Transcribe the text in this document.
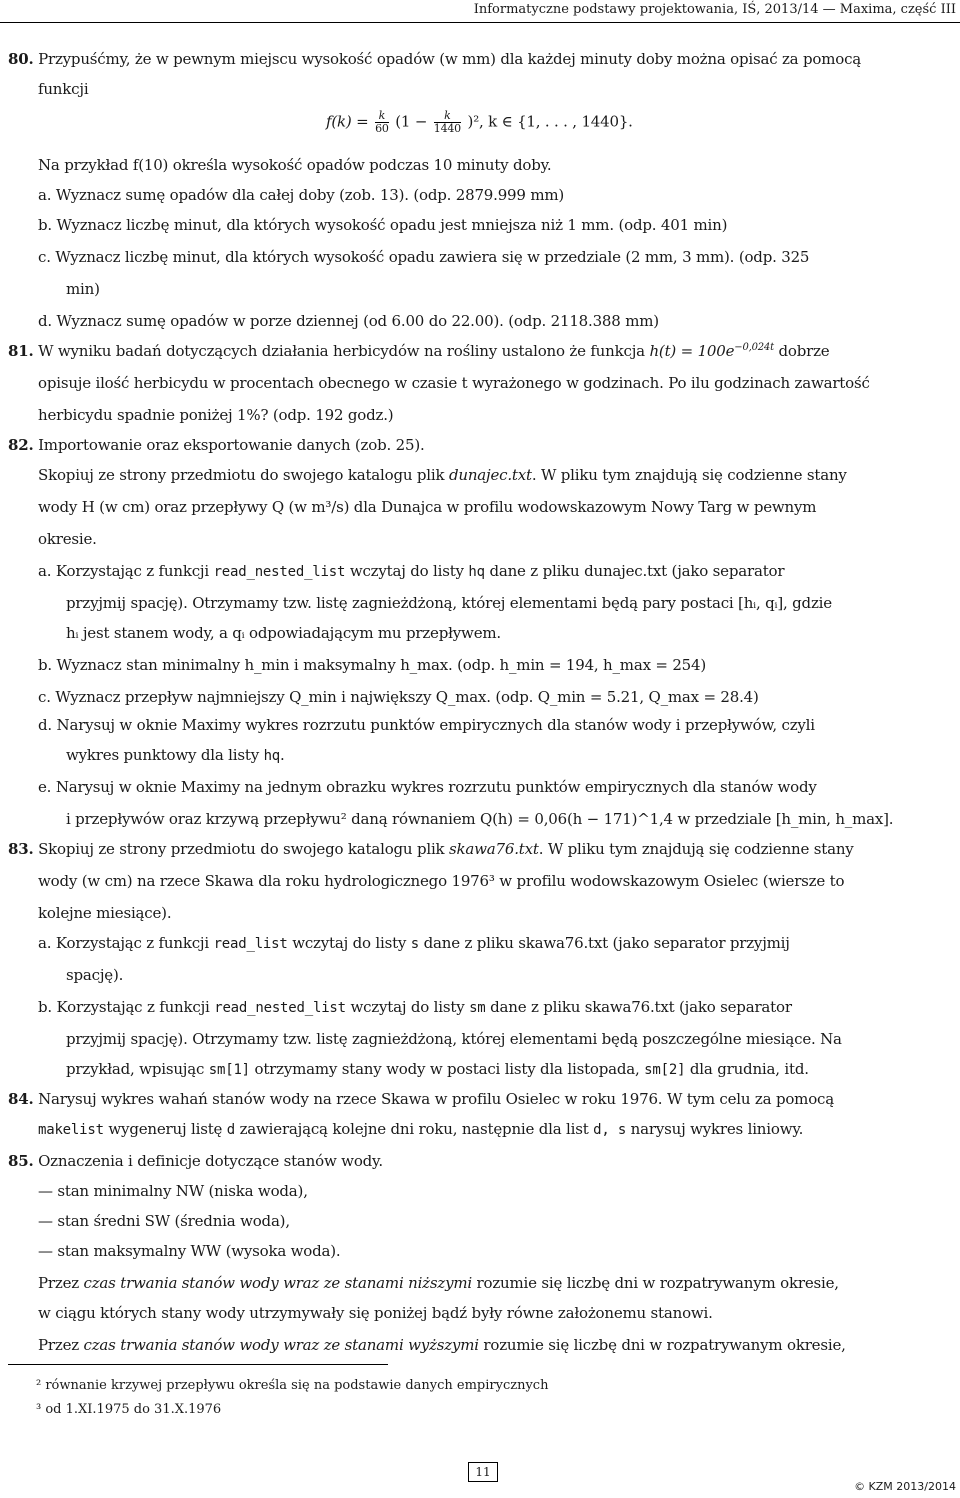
Informatyczne podstawy projektowania, IŚ, 2013/14 — Maxima, część III
80. Przypuśćmy, że w pewnym miejscu wysokość opadów (w mm) dla każdej minuty doby można opisać za pomocą
funkcji
$f(k) = \frac{k}{60} (1 - \frac{k}{1440} )^2$, k ∈ {1, . . . , 1440}.
Na przykład f(10) określa wysokość opadów podczas 10 minuty doby.
a. Wyznacz sumę opadów dla całej doby (zob. 13). (odp. 2879.999 mm)
b. Wyznacz liczbę minut, dla których wysokość opadu jest mniejsza niż 1 mm. (odp. 401 min)
c. Wyznacz liczbę minut, dla których wysokość opadu zawiera się w przedziale (2 mm, 3 mm). (odp. 325
min)
d. Wyznacz sumę opadów w porze dziennej (od 6.00 do 22.00). (odp. 2118.388 mm)
81. W wyniku badań dotyczących działania herbicydów na rośliny ustalono że funkcja $h(t) = 100e^{-0,024t}$ dobrze
opisuje ilość herbicydu w procentach obecnego w czasie t wyrażonego w godzinach. Po ilu godzinach zawartość
herbicydu spadnie poniżej 1%? (odp. 192 godz.)
82. Importowanie oraz eksportowanie danych (zob. 25).
Skopiuj ze strony przedmiotu do swojego katalogu plik dunajec.txt. W pliku tym znajdują się codzienne stany
wody H (w cm) oraz przepływy Q (w m³/s) dla Dunajca w profilu wodowskazowym Nowy Targ w pewnym
okresie.
a. Korzystając z funkcji read_nested_list wczytaj do listy hq dane z pliku dunajec.txt (jako separator
przyjmij spację). Otrzymamy tzw. listę zagnieżdżoną, której elementami będą pary postaci [hᵢ, qᵢ], gdzie
hᵢ jest stanem wody, a qᵢ odpowiadającym mu przepływem.
b. Wyznacz stan minimalny h_min i maksymalny h_max. (odp. h_min = 194, h_max = 254)
c. Wyznacz przepływ najmniejszy Q_min i największy Q_max. (odp. Q_min = 5.21, Q_max = 28.4)
d. Narysuj w oknie Maximy wykres rozrzutu punktów empirycznych dla stanów wody i przepływów, czyli
wykres punktowy dla listy hq.
e. Narysuj w oknie Maximy na jednym obrazku wykres rozrzutu punktów empirycznych dla stanów wody
i przepływów oraz krzywą przepływu² daną równaniem Q(h) = 0,06(h − 171)^1,4 w przedziale [h_min, h_max].
83. Skopiuj ze strony przedmiotu do swojego katalogu plik skawa76.txt. W pliku tym znajdują się codzienne stany
wody (w cm) na rzece Skawa dla roku hydrologicznego 1976³ w profilu wodowskazowym Osielec (wiersze to
kolejne miesiące).
a. Korzystając z funkcji read_list wczytaj do listy s dane z pliku skawa76.txt (jako separator przyjmij
spację).
b. Korzystając z funkcji read_nested_list wczytaj do listy sm dane z pliku skawa76.txt (jako separator
przyjmij spację). Otrzymamy tzw. listę zagnieżdżoną, której elementami będą poszczególne miesiące. Na
przykład, wpisując sm[1] otrzymamy stany wody w postaci listy dla listopada, sm[2] dla grudnia, itd.
84. Narysuj wykres wahań stanów wody na rzece Skawa w profilu Osielec w roku 1976. W tym celu za pomocą
makelist wygeneruj listę d zawierającą kolejne dni roku, następnie dla list d, s narysuj wykres liniowy.
85. Oznaczenia i definicje dotyczące stanów wody.
— stan minimalny NW (niska woda),
— stan średni SW (średnia woda),
— stan maksymalny WW (wysoka woda).
Przez czas trwania stanów wody wraz ze stanami niższymi rozumie się liczbę dni w rozpatrywanym okresie,
w ciągu których stany wody utrzymywały się poniżej bądź były równe założonemu stanowi.
Przez czas trwania stanów wody wraz ze stanami wyższymi rozumie się liczbę dni w rozpatrywanym okresie,
² równanie krzywej przepływu określa się na podstawie danych empirycznych
³ od 1.XI.1975 do 31.X.1976
11
© KZM 2013/2014
